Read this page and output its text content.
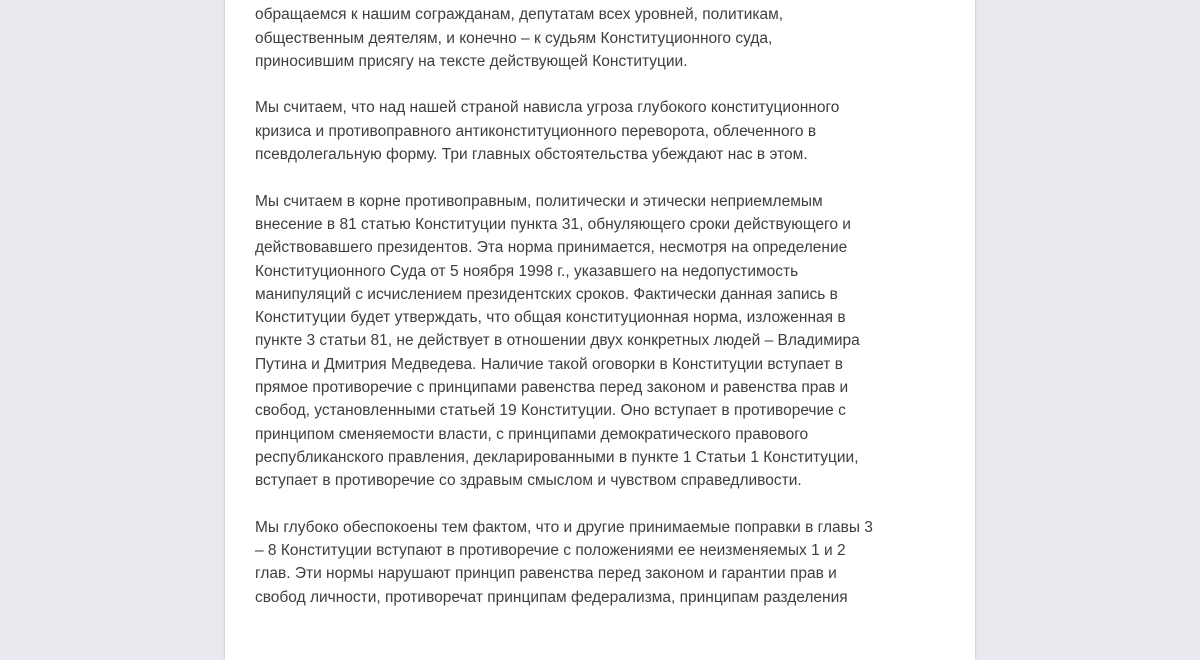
обращаемся к нашим согражданам, депутатам всех уровней, политикам,
общественным деятелям, и конечно – к судьям Конституционного суда,
приносившим присягу на тексте действующей Конституции.

Мы считаем, что над нашей страной нависла угроза глубокого конституционного
кризиса и противоправного антиконституционного переворота, облеченного в
псевдолегальную форму. Три главных обстоятельства убеждают нас в этом.

Мы считаем в корне противоправным, политически и этически неприемлемым
внесение в 81 статью Конституции пункта 31, обнуляющего сроки действующего и
действовавшего президентов. Эта норма принимается, несмотря на определение
Конституционного Суда от 5 ноября 1998 г., указавшего на недопустимость
манипуляций с исчислением президентских сроков. Фактически данная запись в
Конституции будет утверждать, что общая конституционная норма, изложенная в
пункте 3 статьи 81, не действует в отношении двух конкретных людей – Владимира
Путина и Дмитрия Медведева. Наличие такой оговорки в Конституции вступает в
прямое противоречие с принципами равенства перед законом и равенства прав и
свобод, установленными статьей 19 Конституции. Оно вступает в противоречие с
принципом сменяемости власти, с принципами демократического правового
республиканского правления, декларированными в пункте 1 Статьи 1 Конституции,
вступает в противоречие со здравым смыслом и чувством справедливости.

Мы глубоко обеспокоены тем фактом, что и другие принимаемые поправки в главы 3
– 8 Конституции вступают в противоречие с положениями ее неизменяемых 1 и 2
глав. Эти нормы нарушают принцип равенства перед законом и гарантии прав и
свобод личности, противоречат принципам федерализма, принципам разделения
